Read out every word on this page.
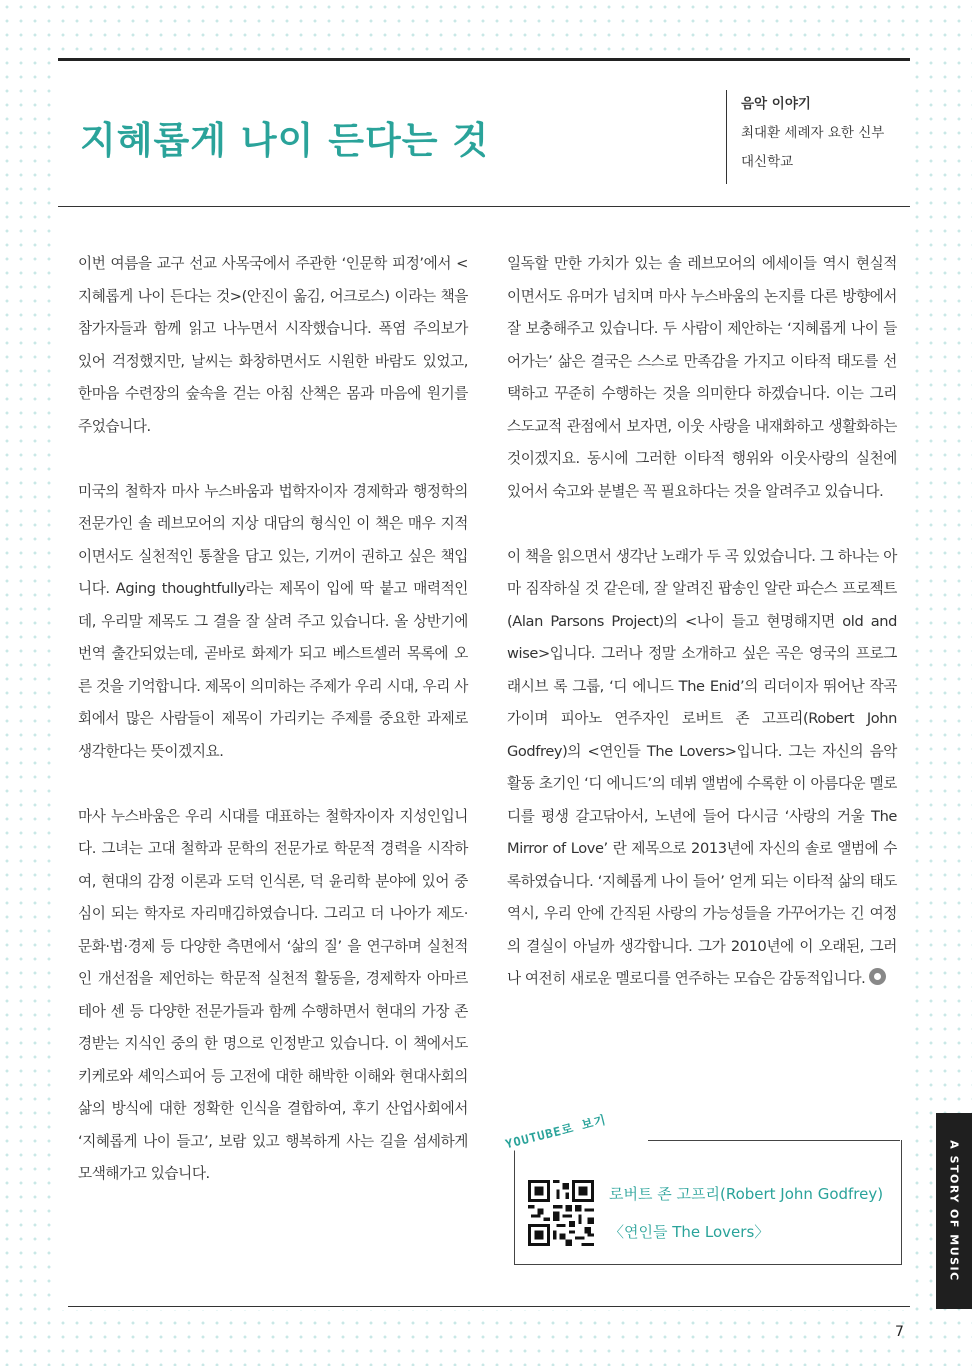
지혜롭게 나이 든다는 것
음악 이야기
최대환 세례자 요한 신부
대신학교

이번 여름을 교구 선교 사목국에서 주관한 ‘인문학 피정’에서 <지혜롭게 나이 든다는 것>(안진이 옮김, 어크로스) 이라는 책을 참가자들과 함께 읽고 나누면서 시작했습니다. 폭염 주의보가 있어 걱정했지만, 날씨는 화창하면서도 시원한 바람도 있었고, 한마음 수련장의 숲속을 걷는 아침 산책은 몸과 마음에 원기를 주었습니다.

미국의 철학자 마사 누스바움과 법학자이자 경제학과 행정학의 전문가인 솔 레브모어의 지상 대담의 형식인 이 책은 매우 지적이면서도 실천적인 통찰을 담고 있는, 기꺼이 권하고 싶은 책입니다. Aging thoughtfully라는 제목이 입에 딱 붙고 매력적인데, 우리말 제목도 그 결을 잘 살려 주고 있습니다. 올 상반기에 번역 출간되었는데, 곧바로 화제가 되고 베스트셀러 목록에 오른 것을 기억합니다. 제목이 의미하는 주제가 우리 시대, 우리 사회에서 많은 사람들이 제목이 가리키는 주제를 중요한 과제로 생각한다는 뜻이겠지요.

마사 누스바움은 우리 시대를 대표하는 철학자이자 지성인입니다. 그녀는 고대 철학과 문학의 전문가로 학문적 경력을 시작하여, 현대의 감정 이론과 도덕 인식론, 덕 윤리학 분야에 있어 중심이 되는 학자로 자리매김하였습니다. 그리고 더 나아가 제도·문화·법·경제 등 다양한 측면에서 ‘삶의 질’ 을 연구하며 실천적인 개선점을 제언하는 학문적 실천적 활동을, 경제학자 아마르테아 센 등 다양한 전문가들과 함께 수행하면서 현대의 가장 존경받는 지식인 중의 한 명으로 인정받고 있습니다. 이 책에서도 키케로와 셰익스피어 등 고전에 대한 해박한 이해와 현대사회의 삶의 방식에 대한 정확한 인식을 결합하여, 후기 산업사회에서 ‘지혜롭게 나이 들고’, 보람 있고 행복하게 사는 길을 섬세하게 모색해가고 있습니다.

일독할 만한 가치가 있는 솔 레브모어의 에세이들 역시 현실적이면서도 유머가 넘치며 마사 누스바움의 논지를 다른 방향에서 잘 보충해주고 있습니다. 두 사람이 제안하는 ‘지혜롭게 나이 들어가는’ 삶은 결국은 스스로 만족감을 가지고 이타적 태도를 선택하고 꾸준히 수행하는 것을 의미한다 하겠습니다. 이는 그리스도교적 관점에서 보자면, 이웃 사랑을 내재화하고 생활화하는 것이겠지요. 동시에 그러한 이타적 행위와 이웃사랑의 실천에 있어서 숙고와 분별은 꼭 필요하다는 것을 알려주고 있습니다.

이 책을 읽으면서 생각난 노래가 두 곡 있었습니다. 그 하나는 아마 짐작하실 것 같은데, 잘 알려진 팝송인 알란 파슨스 프로젝트(Alan Parsons Project)의 <나이 들고 현명해지면 old and wise>입니다. 그러나 정말 소개하고 싶은 곡은 영국의 프로그래시브 록 그룹, ‘디 에니드 The Enid’의 리더이자 뛰어난 작곡가이며 피아노 연주자인 로버트 존 고프리(Robert John Godfrey)의 <연인들 The Lovers>입니다. 그는 자신의 음악 활동 초기인 ‘디 에니드’의 데뷔 앨범에 수록한 이 아름다운 멜로디를 평생 갈고닦아서, 노년에 들어 다시금 ‘사랑의 거울 The Mirror of Love’ 란 제목으로 2013년에 자신의 솔로 앨범에 수록하였습니다. ‘지혜롭게 나이 들어’ 얻게 되는 이타적 삶의 태도 역시, 우리 안에 간직된 사랑의 가능성들을 가꾸어가는 긴 여정의 결실이 아닐까 생각합니다. 그가 2010년에 이 오래된, 그러나 여전히 새로운 멜로디를 연주하는 모습은 감동적입니다.

YOUTUBE로 보기
로버트 존 고프리(Robert John Godfrey)
〈연인들 The Lovers〉
7
A STORY OF MUSIC
